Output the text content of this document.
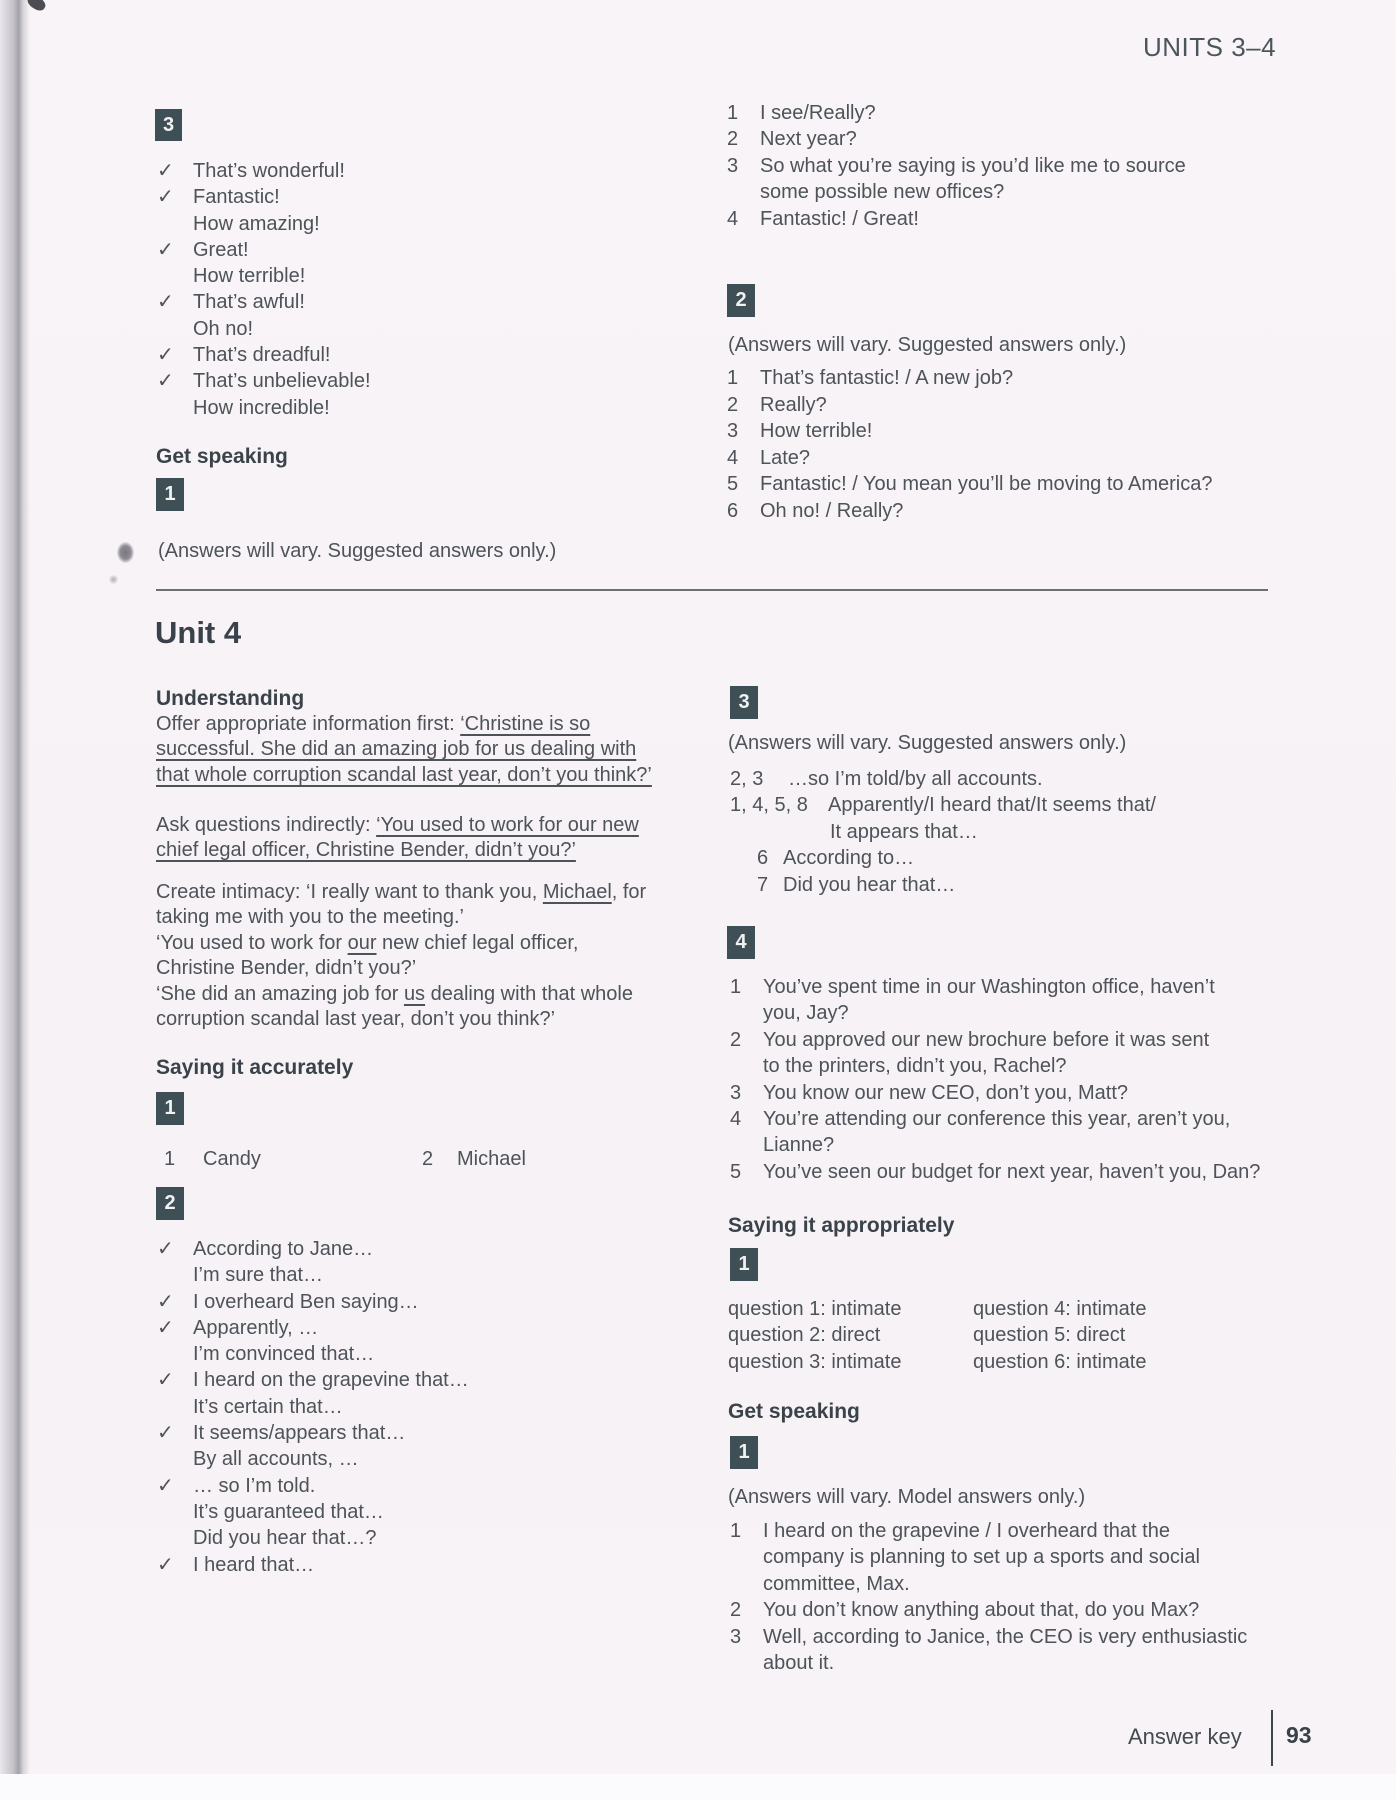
UNITS 3–4
3
✓ That’s wonderful!
✓ Fantastic!
How amazing!
✓ Great!
How terrible!
✓ That’s awful!
Oh no!
✓ That’s dreadful!
✓ That’s unbelievable!
How incredible!
Get speaking
1
(Answers will vary. Suggested answers only.)
1	I see/Really?
2	Next year?
3	So what you’re saying is you’d like me to source
some possible new offices?
4	Fantastic! / Great!
2
(Answers will vary. Suggested answers only.)
1	That’s fantastic! / A new job?
2	Really?
3	How terrible!
4	Late?
5	Fantastic! / You mean you’ll be moving to America?
6	Oh no! / Really?
Unit 4
Understanding
Offer appropriate information first: ‘Christine is so
successful. She did an amazing job for us dealing with
that whole corruption scandal last year, don’t you think?’
Ask questions indirectly: ‘You used to work for our new
chief legal officer, Christine Bender, didn’t you?’
Create intimacy: ‘I really want to thank you, Michael, for
taking me with you to the meeting.’
‘You used to work for our new chief legal officer,
Christine Bender, didn’t you?’
‘She did an amazing job for us dealing with that whole
corruption scandal last year, don’t you think?’
Saying it accurately
1
1 Candy	2 Michael
2
✓ According to Jane…
I’m sure that…
✓ I overheard Ben saying…
✓ Apparently, …
I’m convinced that…
✓ I heard on the grapevine that…
It’s certain that…
✓ It seems/appears that…
By all accounts, …
✓ … so I’m told.
It’s guaranteed that…
Did you hear that…?
✓ I heard that…
3
(Answers will vary. Suggested answers only.)
2, 3	…so I’m told/by all accounts.
1, 4, 5, 8	Apparently/I heard that/It seems that/
It appears that…
6 According to…
7 Did you hear that…
4
1	You’ve spent time in our Washington office, haven’t
you, Jay?
2	You approved our new brochure before it was sent
to the printers, didn’t you, Rachel?
3	You know our new CEO, don’t you, Matt?
4	You’re attending our conference this year, aren’t you,
Lianne?
5	You’ve seen our budget for next year, haven’t you, Dan?
Saying it appropriately
1
question 1: intimate	question 4: intimate
question 2: direct	question 5: direct
question 3: intimate	question 6: intimate
Get speaking
1
(Answers will vary. Model answers only.)
1	I heard on the grapevine / I overheard that the
company is planning to set up a sports and social
committee, Max.
2	You don’t know anything about that, do you Max?
3	Well, according to Janice, the CEO is very enthusiastic
about it.
Answer key 93
